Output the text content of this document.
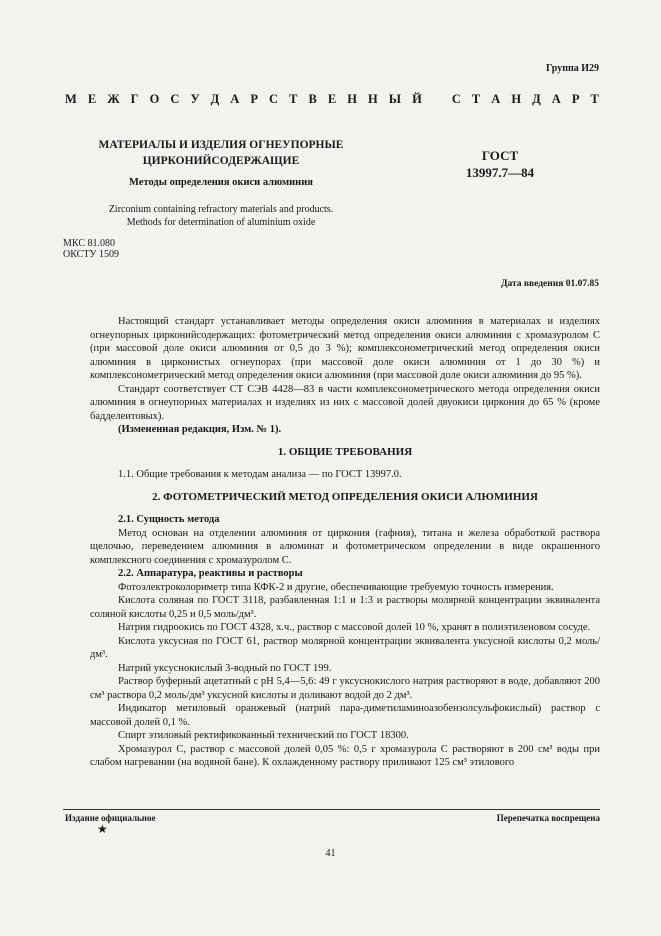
Группа И29
М Е Ж Г О С У Д А Р С Т В Е Н Н Ы Й С Т А Н Д А Р Т
МАТЕРИАЛЫ И ИЗДЕЛИЯ ОГНЕУПОРНЫЕ
ЦИРКОНИЙСОДЕРЖАЩИЕ
Методы определения окиси алюминия
Zirconium containing refractory materials and products.
Methods for determination of aluminium oxide
ГОСТ
13997.7—84
МКС 81.080
ОКСТУ 1509
Дата введения 01.07.85

Настоящий стандарт устанавливает методы определения окиси алюминия в материалах и изделиях огнеупорных цирконийсодержащих: фотометрический метод определения окиси алюминия с хромазуролом С (при массовой доле окиси алюминия от 0,5 до 3 %); комплексонометрический метод определения окиси алюминия в цирконистых огнеупорах (при массовой доле окиси алюминия от 1 до 30 %) и комплексонометрический метод определения окиси алюминия (при массовой доле окиси алюминия до 95 %).

Стандарт соответствует СТ СЭВ 4428—83 в части комплексонометрического метода определения окиси алюминия в огнеупорных материалах и изделиях из них с массовой долей двуокиси циркония до 65 % (кроме бадделеитовых).

(Измененная редакция, Изм. № 1).

1. ОБЩИЕ ТРЕБОВАНИЯ

1.1. Общие требования к методам анализа — по ГОСТ 13997.0.

2. ФОТОМЕТРИЧЕСКИЙ МЕТОД ОПРЕДЕЛЕНИЯ ОКИСИ АЛЮМИНИЯ

2.1. Сущность метода

Метод основан на отделении алюминия от циркония (гафния), титана и железа обработкой раствора щелочью, переведением алюминия в алюминат и фотометрическом определении в виде окрашенного комплексного соединения с хромазуролом С.

2.2. Аппаратура, реактивы и растворы

Фотоэлектроколориметр типа КФК-2 и другие, обеспечивающие требуемую точность измерения.

Кислота соляная по ГОСТ 3118, разбавленная 1:1 и 1:3 и растворы молярной концентрации эквивалента соляной кислоты 0,25 и 0,5 моль/дм³.

Натрия гидроокись по ГОСТ 4328, х.ч., раствор с массовой долей 10 %, хранят в полиэтиленовом сосуде.

Кислота уксусная по ГОСТ 61, раствор молярной концентрации эквивалента уксусной кислоты 0,2 моль/дм³.

Натрий уксуснокислый 3-водный по ГОСТ 199.

Раствор буферный ацетатный с рН 5,4—5,6: 49 г уксуснокислого натрия растворяют в воде, добавляют 200 см³ раствора 0,2 моль/дм³ уксусной кислоты и доливают водой до 2 дм³.

Индикатор метиловый оранжевый (натрий пара-диметиламиноазобензолсульфокислый) раствор с массовой долей 0,1 %.

Спирт этиловый ректификованный технический по ГОСТ 18300.

Хромазурол С, раствор с массовой долей 0,05 %: 0,5 г хромазурола С растворяют в 200 см³ воды при слабом нагревании (на водяной бане). К охлажденному раствору приливают 125 см³ этилового

Издание официальное
★
Перепечатка воспрещена
41
